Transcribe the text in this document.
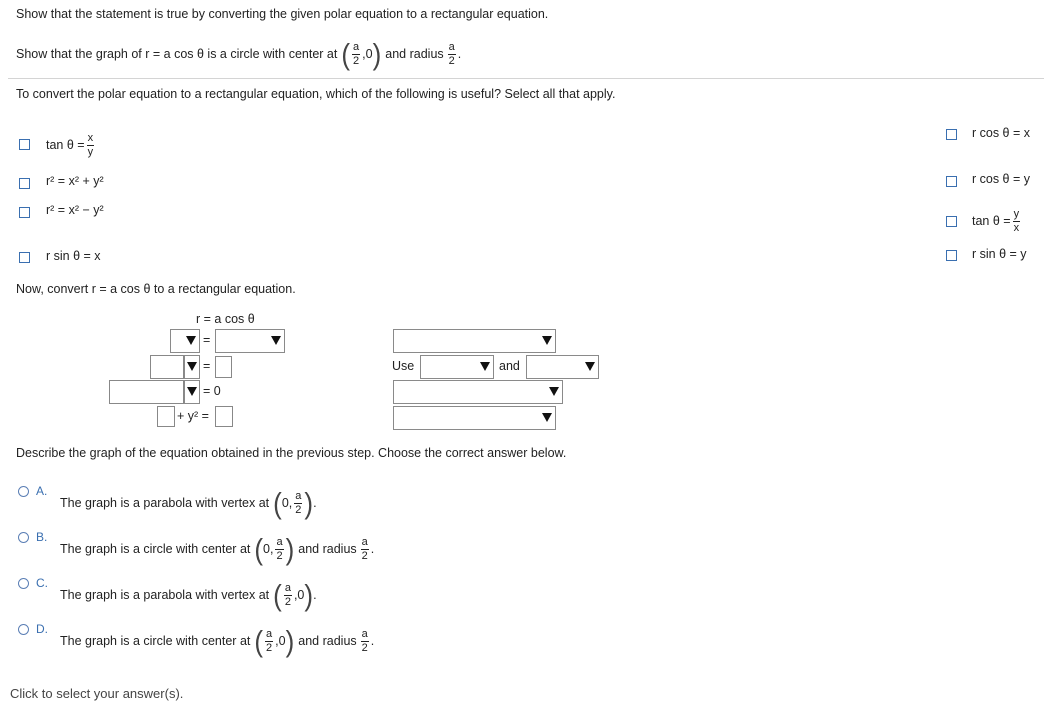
Show that the statement is true by converting the given polar equation to a rectangular equation.
Show that the graph of r = a cos θ is a circle with center at ( $\frac{a}{2} ,0$ ) and radius $\frac{a}{2}$ .
To convert the polar equation to a rectangular equation, which of the following is useful? Select all that apply.
$\tan \theta = \frac{x}{y}$
r² = x² + y²
r² = x² − y²
r sin θ = x
r cos θ = x
r cos θ = y
$\tan \theta = \frac{y}{x}$
r sin θ = y
Now, convert r = a cos θ to a rectangular equation.
r = a cos θ
=
=
= 0
+ y² =
Use	and
Describe the graph of the equation obtained in the previous step. Choose the correct answer below.
A.
The graph is a parabola with vertex at ( 0, $\frac{a}{2}$ ) .
B.
The graph is a circle with center at ( 0, $\frac{a}{2}$ ) and radius $\frac{a}{2}$ .
C.
The graph is a parabola with vertex at ( $\frac{a}{2} ,0$ ) .
D.
The graph is a circle with center at ( $\frac{a}{2} ,0$ ) and radius $\frac{a}{2}$ .
Click to select your answer(s).
